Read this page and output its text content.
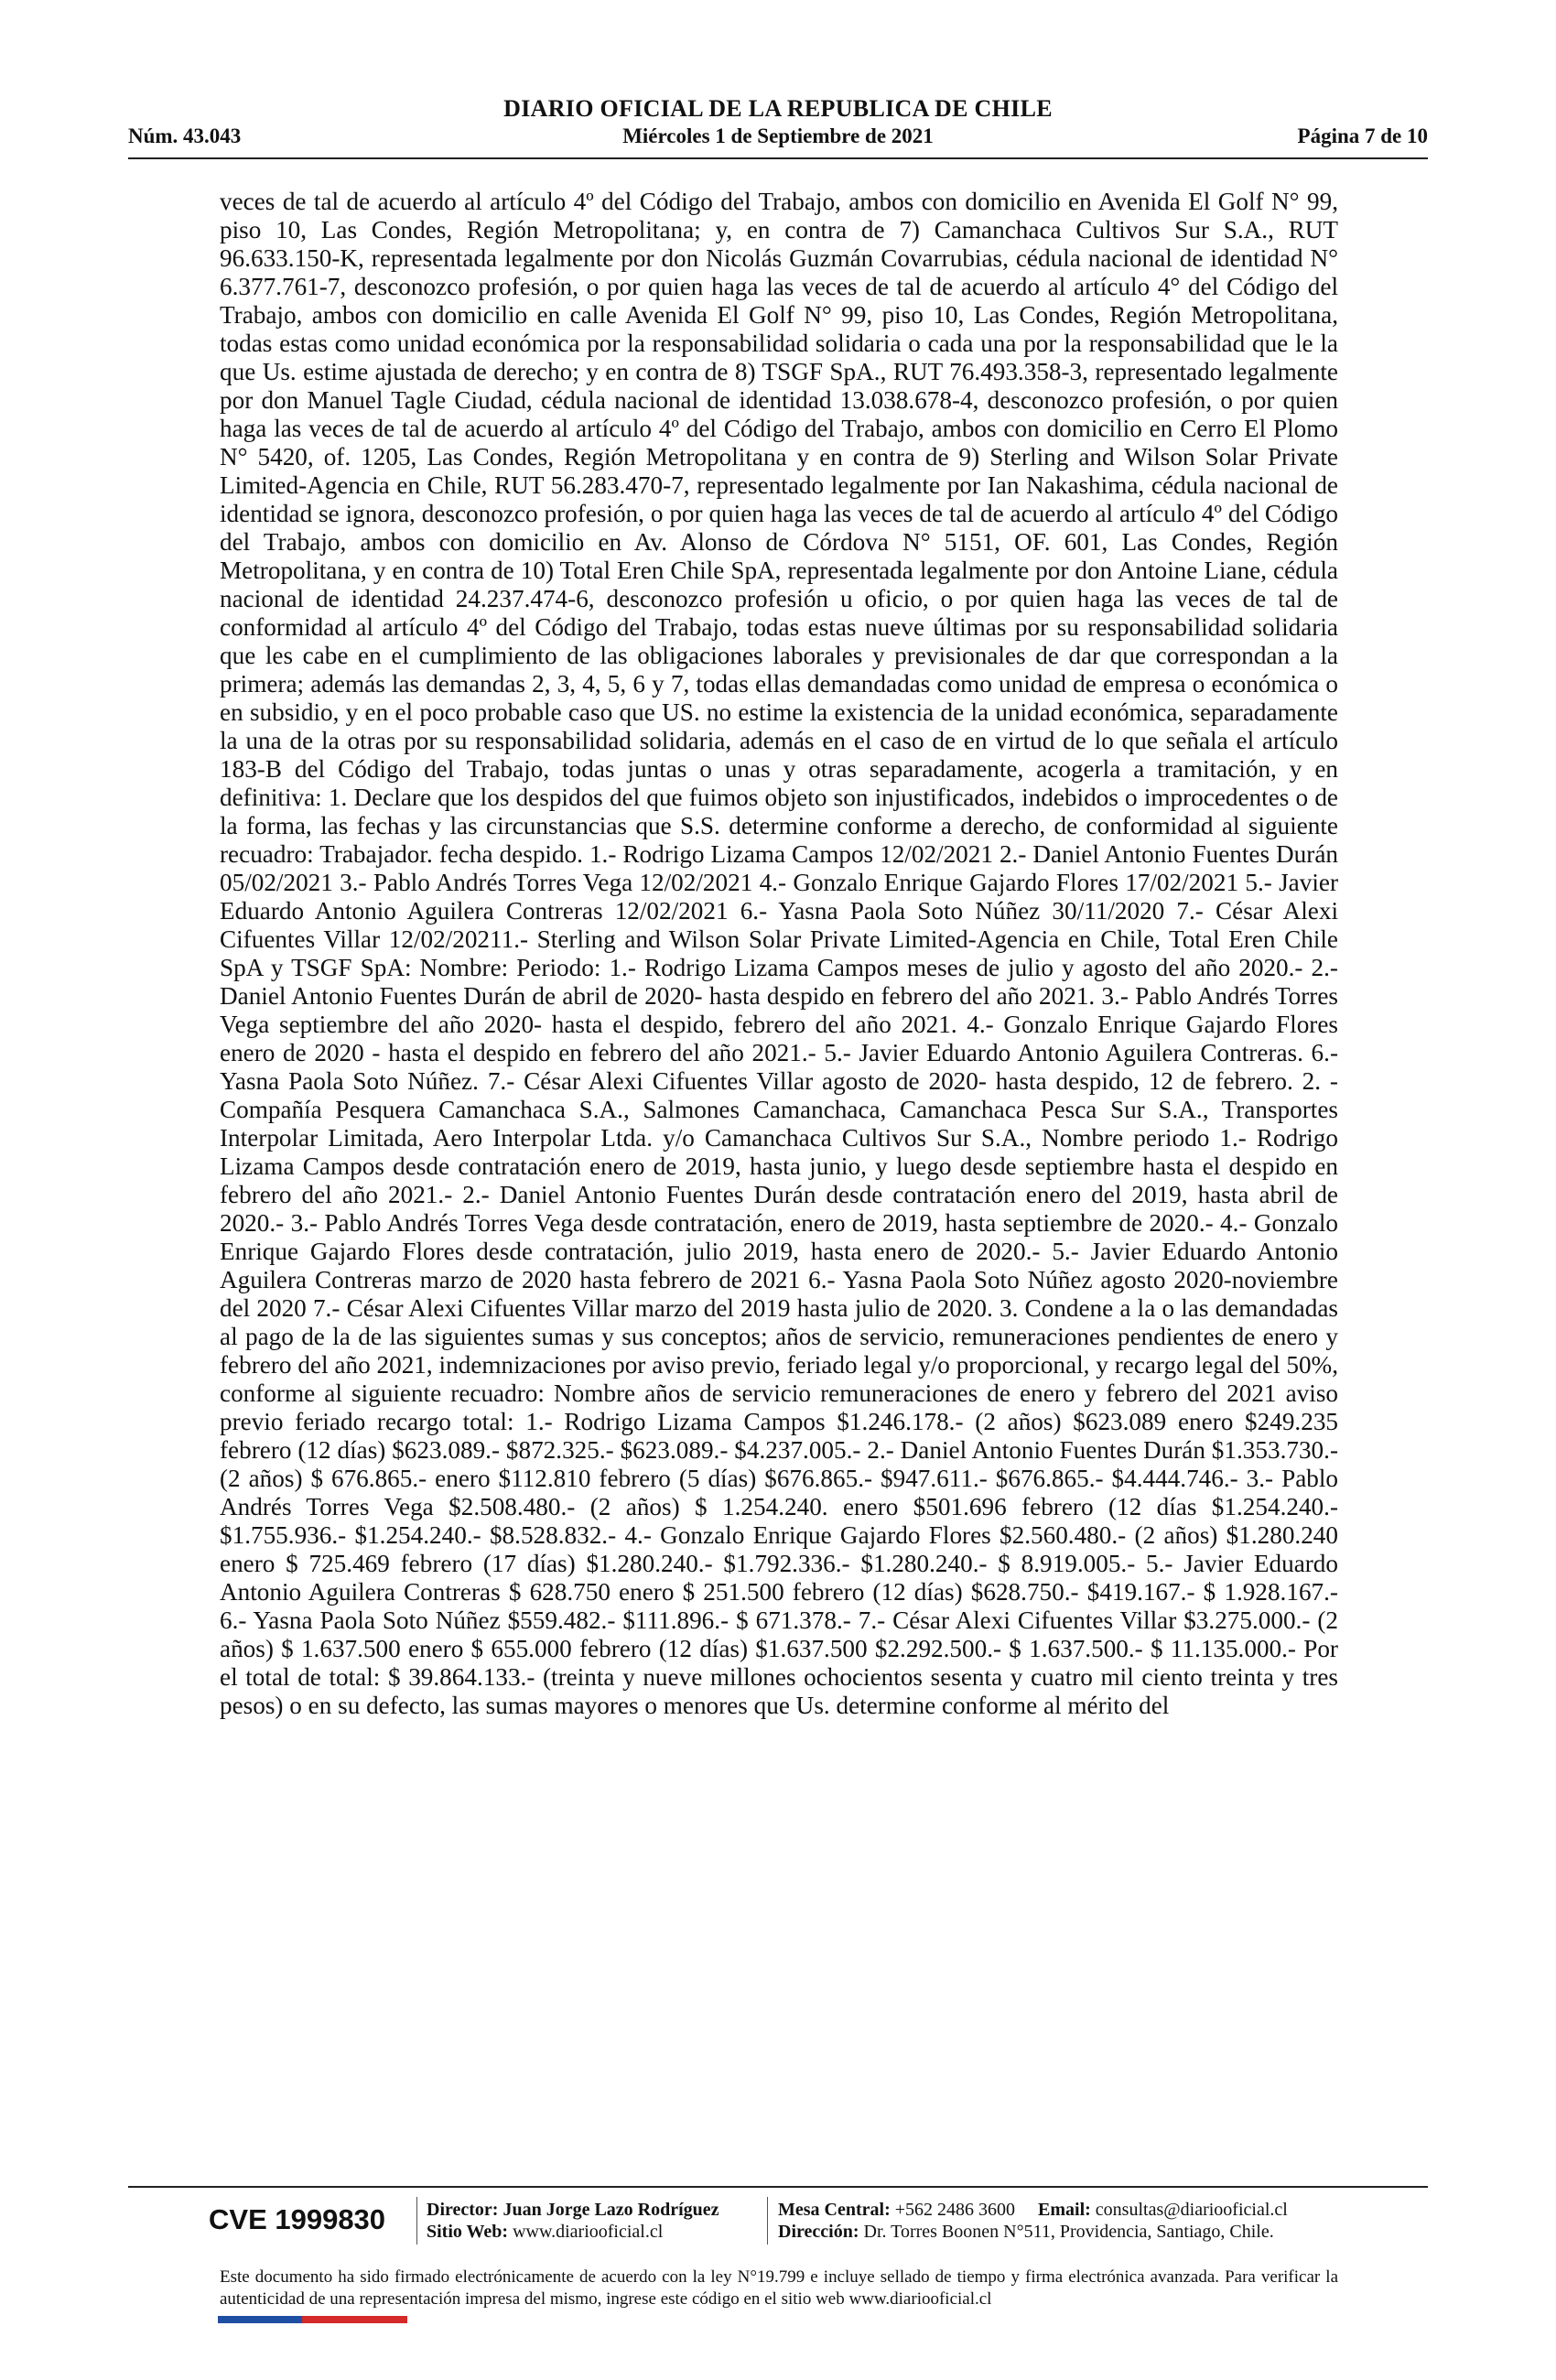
DIARIO OFICIAL DE LA REPUBLICA DE CHILE
Núm. 43.043	Miércoles 1 de Septiembre de 2021	Página 7 de 10
veces de tal de acuerdo al artículo 4º del Código del Trabajo, ambos con domicilio en Avenida El Golf N° 99, piso 10, Las Condes, Región Metropolitana; y, en contra de 7) Camanchaca Cultivos Sur S.A., RUT 96.633.150-K, representada legalmente por don Nicolás Guzmán Covarrubias, cédula nacional de identidad N° 6.377.761-7, desconozco profesión, o por quien haga las veces de tal de acuerdo al artículo 4° del Código del Trabajo, ambos con domicilio en calle Avenida El Golf N° 99, piso 10, Las Condes, Región Metropolitana, todas estas como unidad económica por la responsabilidad solidaria o cada una por la responsabilidad que le la que Us. estime ajustada de derecho; y en contra de 8) TSGF SpA., RUT 76.493.358-3, representado legalmente por don Manuel Tagle Ciudad, cédula nacional de identidad 13.038.678-4, desconozco profesión, o por quien haga las veces de tal de acuerdo al artículo 4º del Código del Trabajo, ambos con domicilio en Cerro El Plomo N° 5420, of. 1205, Las Condes, Región Metropolitana y en contra de 9) Sterling and Wilson Solar Private Limited-Agencia en Chile, RUT 56.283.470-7, representado legalmente por Ian Nakashima, cédula nacional de identidad se ignora, desconozco profesión, o por quien haga las veces de tal de acuerdo al artículo 4º del Código del Trabajo, ambos con domicilio en Av. Alonso de Córdova N° 5151, OF. 601, Las Condes, Región Metropolitana, y en contra de 10) Total Eren Chile SpA, representada legalmente por don Antoine Liane, cédula nacional de identidad 24.237.474-6, desconozco profesión u oficio, o por quien haga las veces de tal de conformidad al artículo 4º del Código del Trabajo, todas estas nueve últimas por su responsabilidad solidaria que les cabe en el cumplimiento de las obligaciones laborales y previsionales de dar que correspondan a la primera; además las demandas 2, 3, 4, 5, 6 y 7, todas ellas demandadas como unidad de empresa o económica o en subsidio, y en el poco probable caso que US. no estime la existencia de la unidad económica, separadamente la una de la otras por su responsabilidad solidaria, además en el caso de en virtud de lo que señala el artículo 183-B del Código del Trabajo, todas juntas o unas y otras separadamente, acogerla a tramitación, y en definitiva: 1. Declare que los despidos del que fuimos objeto son injustificados, indebidos o improcedentes o de la forma, las fechas y las circunstancias que S.S. determine conforme a derecho, de conformidad al siguiente recuadro: Trabajador. fecha despido. 1.- Rodrigo Lizama Campos 12/02/2021 2.- Daniel Antonio Fuentes Durán 05/02/2021 3.- Pablo Andrés Torres Vega 12/02/2021 4.- Gonzalo Enrique Gajardo Flores 17/02/2021 5.- Javier Eduardo Antonio Aguilera Contreras 12/02/2021 6.- Yasna Paola Soto Núñez 30/11/2020 7.- César Alexi Cifuentes Villar 12/02/20211.- Sterling and Wilson Solar Private Limited-Agencia en Chile, Total Eren Chile SpA y TSGF SpA: Nombre: Periodo: 1.- Rodrigo Lizama Campos meses de julio y agosto del año 2020.- 2.- Daniel Antonio Fuentes Durán de abril de 2020- hasta despido en febrero del año 2021. 3.- Pablo Andrés Torres Vega septiembre del año 2020- hasta el despido, febrero del año 2021. 4.- Gonzalo Enrique Gajardo Flores enero de 2020 - hasta el despido en febrero del año 2021.- 5.- Javier Eduardo Antonio Aguilera Contreras. 6.- Yasna Paola Soto Núñez. 7.- César Alexi Cifuentes Villar agosto de 2020- hasta despido, 12 de febrero. 2. - Compañía Pesquera Camanchaca S.A., Salmones Camanchaca, Camanchaca Pesca Sur S.A., Transportes Interpolar Limitada, Aero Interpolar Ltda. y/o Camanchaca Cultivos Sur S.A., Nombre periodo 1.- Rodrigo Lizama Campos desde contratación enero de 2019, hasta junio, y luego desde septiembre hasta el despido en febrero del año 2021.- 2.- Daniel Antonio Fuentes Durán desde contratación enero del 2019, hasta abril de 2020.- 3.- Pablo Andrés Torres Vega desde contratación, enero de 2019, hasta septiembre de 2020.- 4.- Gonzalo Enrique Gajardo Flores desde contratación, julio 2019, hasta enero de 2020.- 5.- Javier Eduardo Antonio Aguilera Contreras marzo de 2020 hasta febrero de 2021 6.- Yasna Paola Soto Núñez agosto 2020-noviembre del 2020 7.- César Alexi Cifuentes Villar marzo del 2019 hasta julio de 2020. 3. Condene a la o las demandadas al pago de la de las siguientes sumas y sus conceptos; años de servicio, remuneraciones pendientes de enero y febrero del año 2021, indemnizaciones por aviso previo, feriado legal y/o proporcional, y recargo legal del 50%, conforme al siguiente recuadro: Nombre años de servicio remuneraciones de enero y febrero del 2021 aviso previo feriado recargo total: 1.- Rodrigo Lizama Campos $1.246.178.- (2 años) $623.089 enero $249.235 febrero (12 días) $623.089.- $872.325.- $623.089.- $4.237.005.- 2.- Daniel Antonio Fuentes Durán $1.353.730.- (2 años) $ 676.865.- enero $112.810 febrero (5 días) $676.865.- $947.611.- $676.865.- $4.444.746.- 3.- Pablo Andrés Torres Vega $2.508.480.- (2 años) $ 1.254.240. enero $501.696 febrero (12 días $1.254.240.- $1.755.936.- $1.254.240.- $8.528.832.- 4.- Gonzalo Enrique Gajardo Flores $2.560.480.- (2 años) $1.280.240 enero $ 725.469 febrero (17 días) $1.280.240.- $1.792.336.- $1.280.240.- $ 8.919.005.- 5.- Javier Eduardo Antonio Aguilera Contreras $ 628.750 enero $ 251.500 febrero (12 días) $628.750.- $419.167.- $ 1.928.167.- 6.- Yasna Paola Soto Núñez $559.482.- $111.896.- $ 671.378.- 7.- César Alexi Cifuentes Villar $3.275.000.- (2 años) $ 1.637.500 enero $ 655.000 febrero (12 días) $1.637.500 $2.292.500.- $ 1.637.500.- $ 11.135.000.- Por el total de total: $ 39.864.133.- (treinta y nueve millones ochocientos sesenta y cuatro mil ciento treinta y tres pesos) o en su defecto, las sumas mayores o menores que Us. determine conforme al mérito del
CVE 1999830 Director: Juan Jorge Lazo Rodríguez
Sitio Web: www.diariooficial.cl
Mesa Central: +562 2486 3600 Email: consultas@diariooficial.cl
Dirección: Dr. Torres Boonen N°511, Providencia, Santiago, Chile.
Este documento ha sido firmado electrónicamente de acuerdo con la ley N°19.799 e incluye sellado de tiempo y firma electrónica avanzada. Para verificar la autenticidad de una representación impresa del mismo, ingrese este código en el sitio web www.diariooficial.cl
